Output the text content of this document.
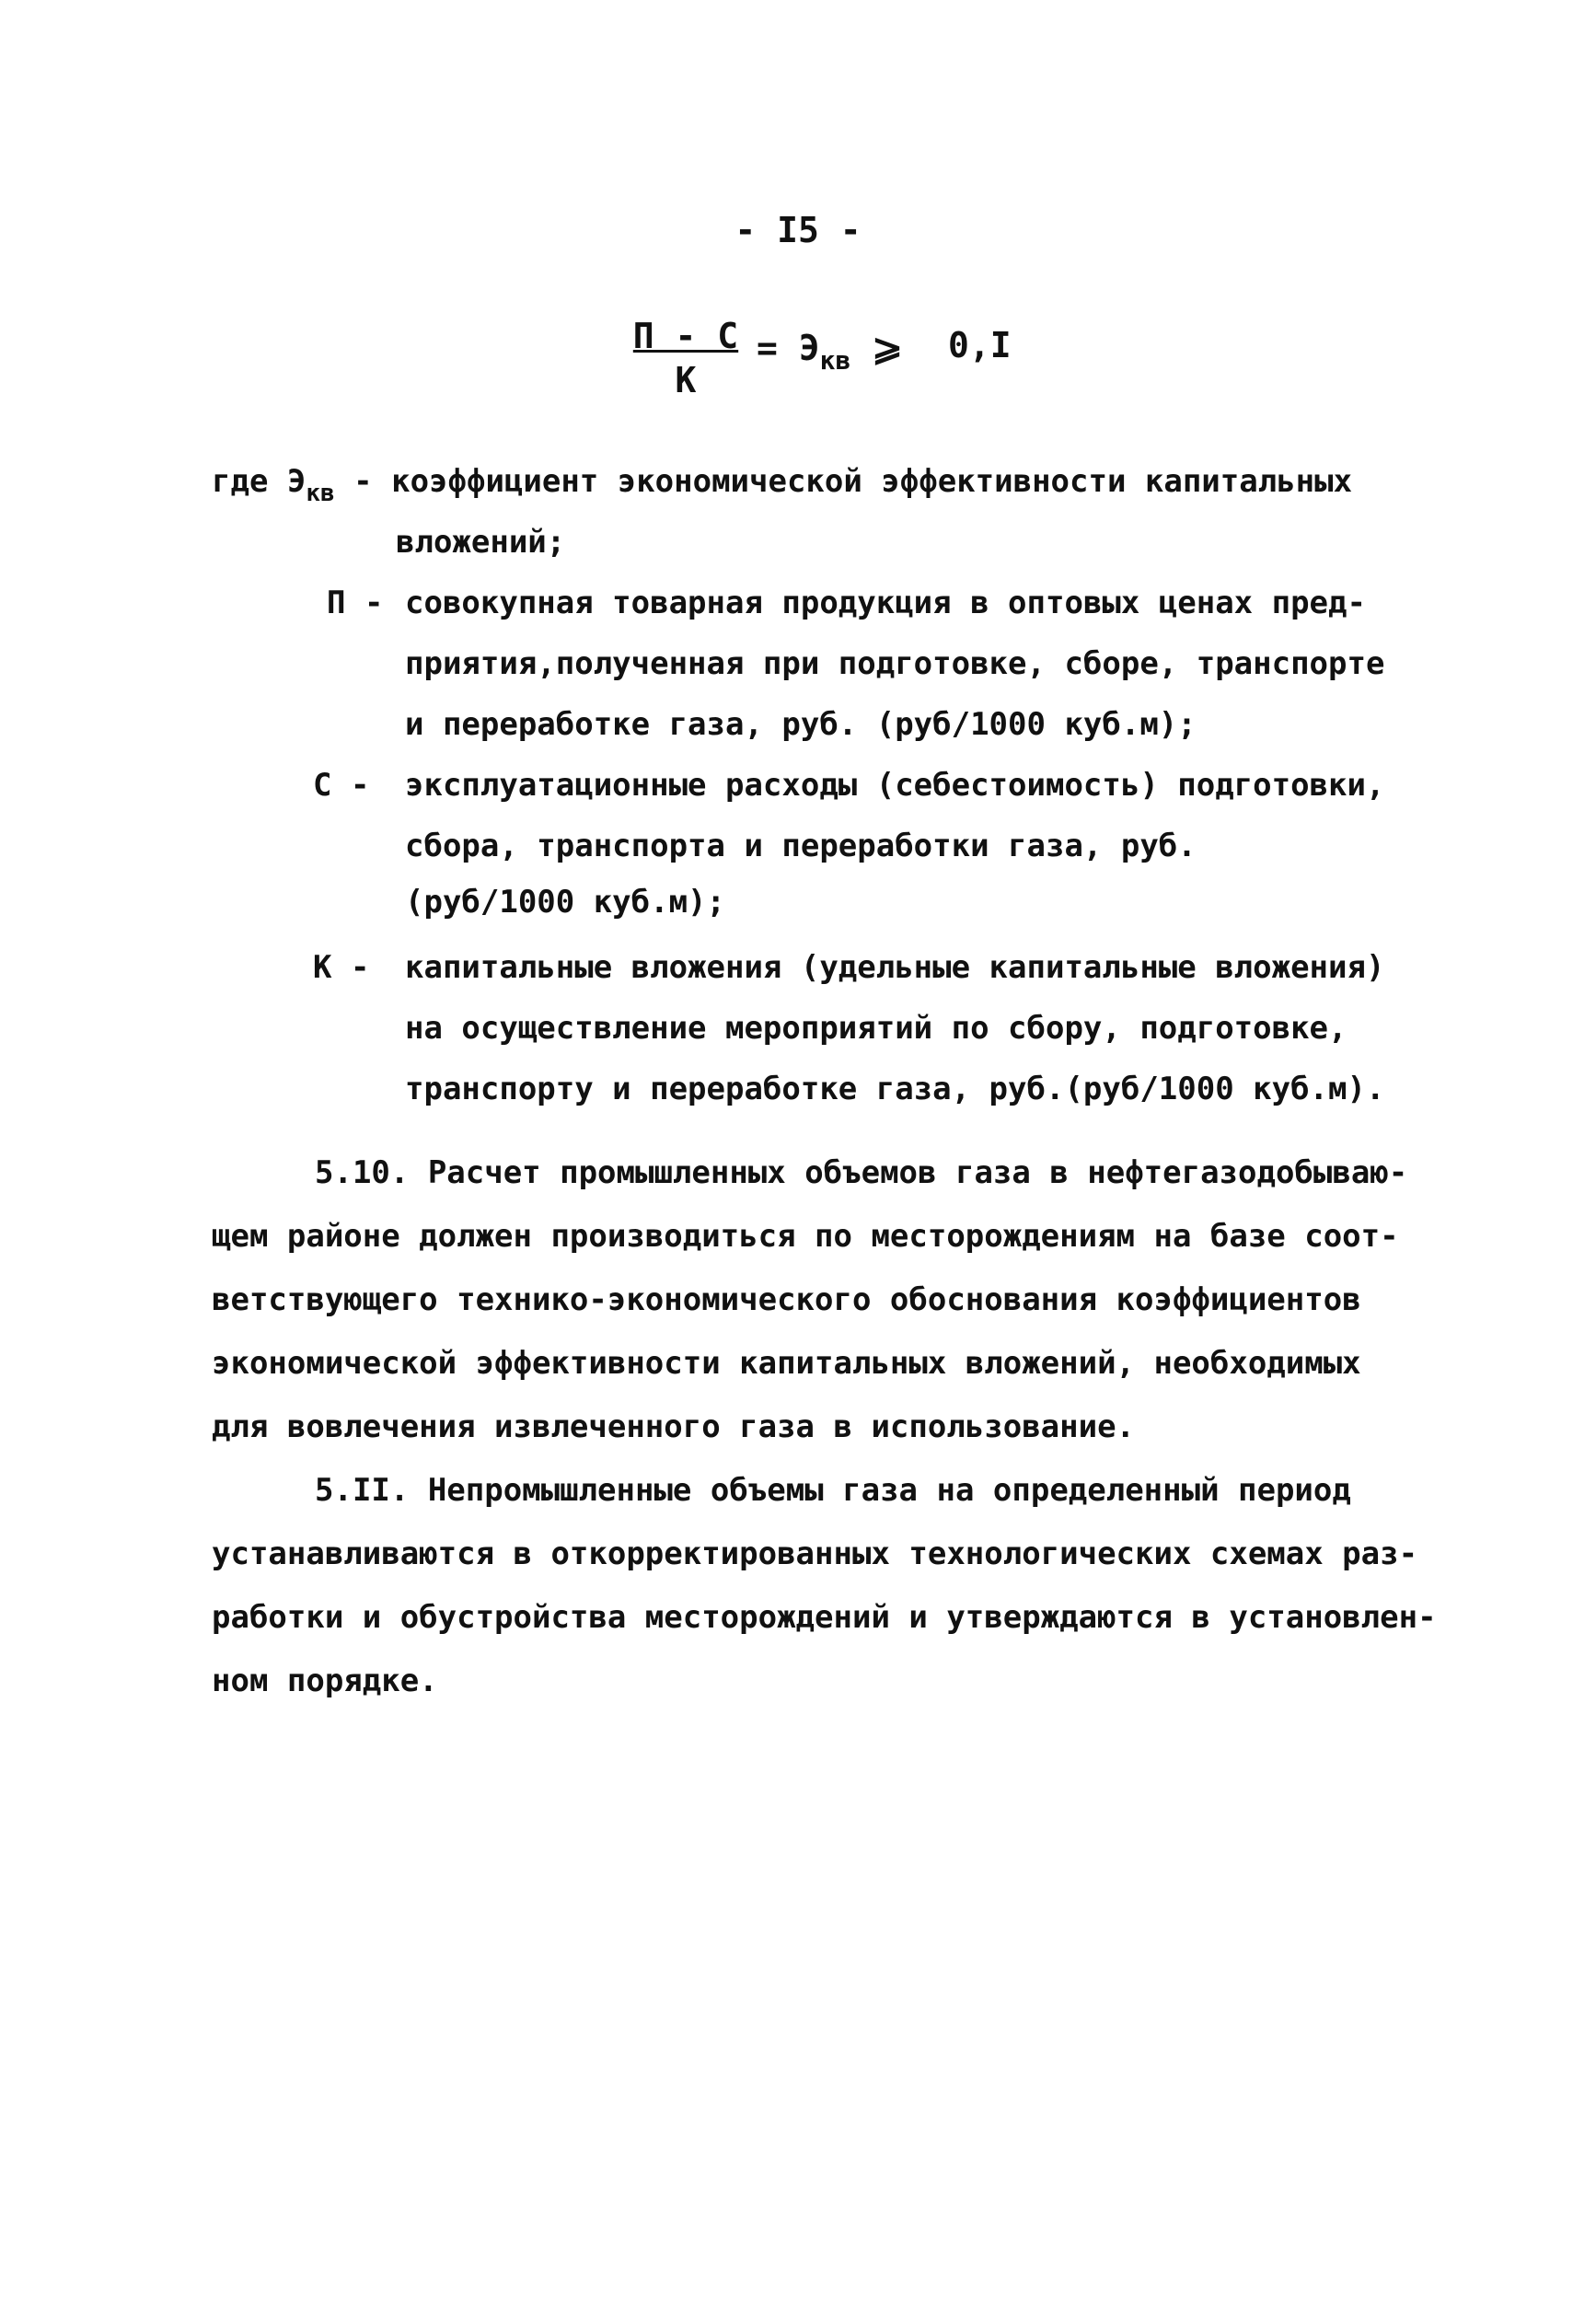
- I5 -
П - С
К
= $Э_{кв}$ ⩾ 0,I
где $Э_{кв}$ - коэффициент экономической эффективности капитальных
вложений;
П - совокупная товарная продукция в оптовых ценах пред-
приятия,полученная при подготовке, сборе, транспорте
и переработке газа, руб. (руб/1000 куб.м);
С - эксплуатационные расходы (себестоимость) подготовки,
сбора, транспорта и переработки газа, руб.
(руб/1000 куб.м);
К - капитальные вложения (удельные капитальные вложения)
на осуществление мероприятий по сбору, подготовке,
транспорту и переработке газа, руб.(руб/1000 куб.м).
5.10. Расчет промышленных объемов газа в нефтегазодобываю-
щем районе должен производиться по месторождениям на базе соот-
ветствующего технико-экономического обоснования коэффициентов
экономической эффективности капитальных вложений, необходимых
для вовлечения извлеченного газа в использование.
5.II. Непромышленные объемы газа на определенный период
устанавливаются в откорректированных технологических схемах раз-
работки и обустройства месторождений и утверждаются в установлен-
ном порядке.
